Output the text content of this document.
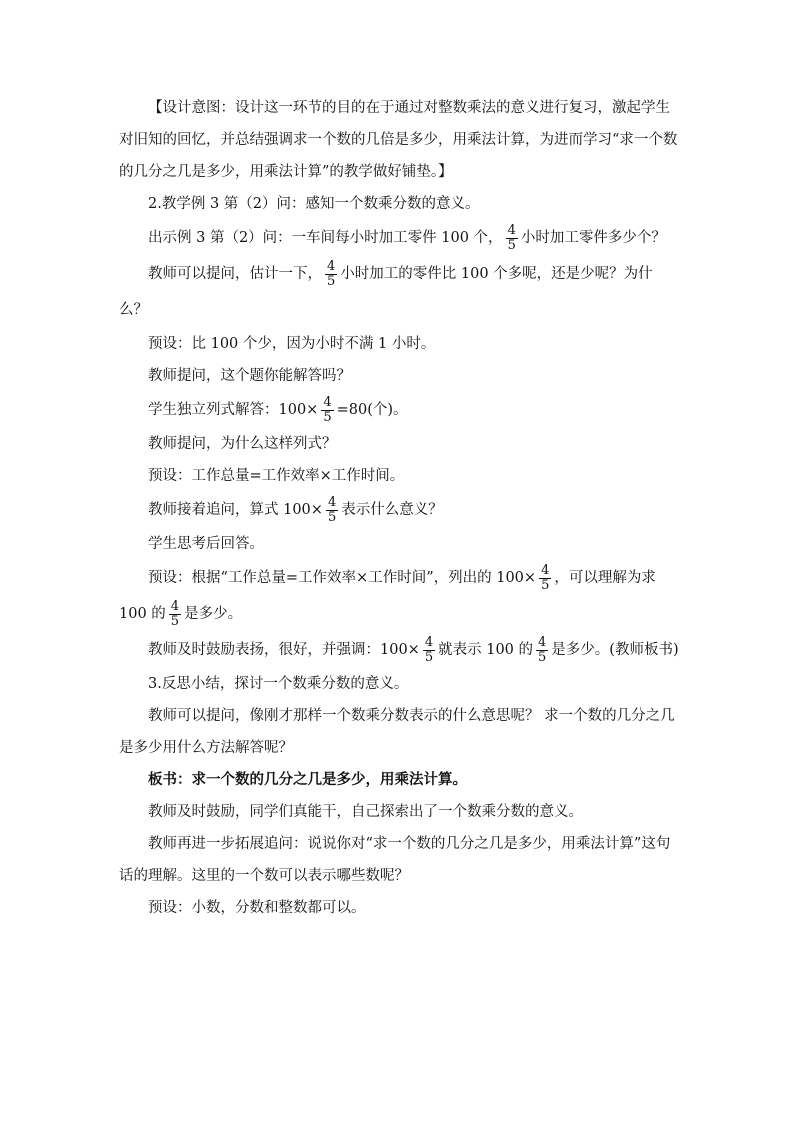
【设计意图：设计这一环节的目的在于通过对整数乘法的意义进行复习，激起学生对旧知的回忆，并总结强调求一个数的几倍是多少，用乘法计算，为进而学习“求一个数的几分之几是多少，用乘法计算”的教学做好铺垫。】

2.教学例 3 第（2）问：感知一个数乘分数的意义。

出示例 3 第（2）问：一车间每小时加工零件 100 个， $\frac{4}{5}$ 小时加工零件多少个？

教师可以提问，估计一下， $\frac{4}{5}$ 小时加工的零件比 100 个多呢，还是少呢？为什么？

预设：比 100 个少，因为小时不满 1 小时。

教师提问，这个题你能解答吗？

学生独立列式解答：$100\times \frac{4}{5} =80$(个)。

教师提问，为什么这样列式？

预设：工作总量=工作效率×工作时间。

教师接着追问，算式 $100\times \frac{4}{5}$ 表示什么意义？

学生思考后回答。

预设：根据“工作总量=工作效率×工作时间”，列出的 $100\times \frac{4}{5}$ ，可以理解为求 100 的 $\frac{4}{5}$ 是多少。

教师及时鼓励表扬，很好，并强调：$100\times \frac{4}{5}$ 就表示 100 的 $\frac{4}{5}$ 是多少。(教师板书)

3.反思小结，探讨一个数乘分数的意义。

教师可以提问，像刚才那样一个数乘分数表示的什么意思呢？ 求一个数的几分之几是多少用什么方法解答呢？

板书：求一个数的几分之几是多少，用乘法计算。

教师及时鼓励，同学们真能干，自己探索出了一个数乘分数的意义。

教师再进一步拓展追问：说说你对“求一个数的几分之几是多少，用乘法计算”这句话的理解。这里的一个数可以表示哪些数呢？

预设：小数，分数和整数都可以。
